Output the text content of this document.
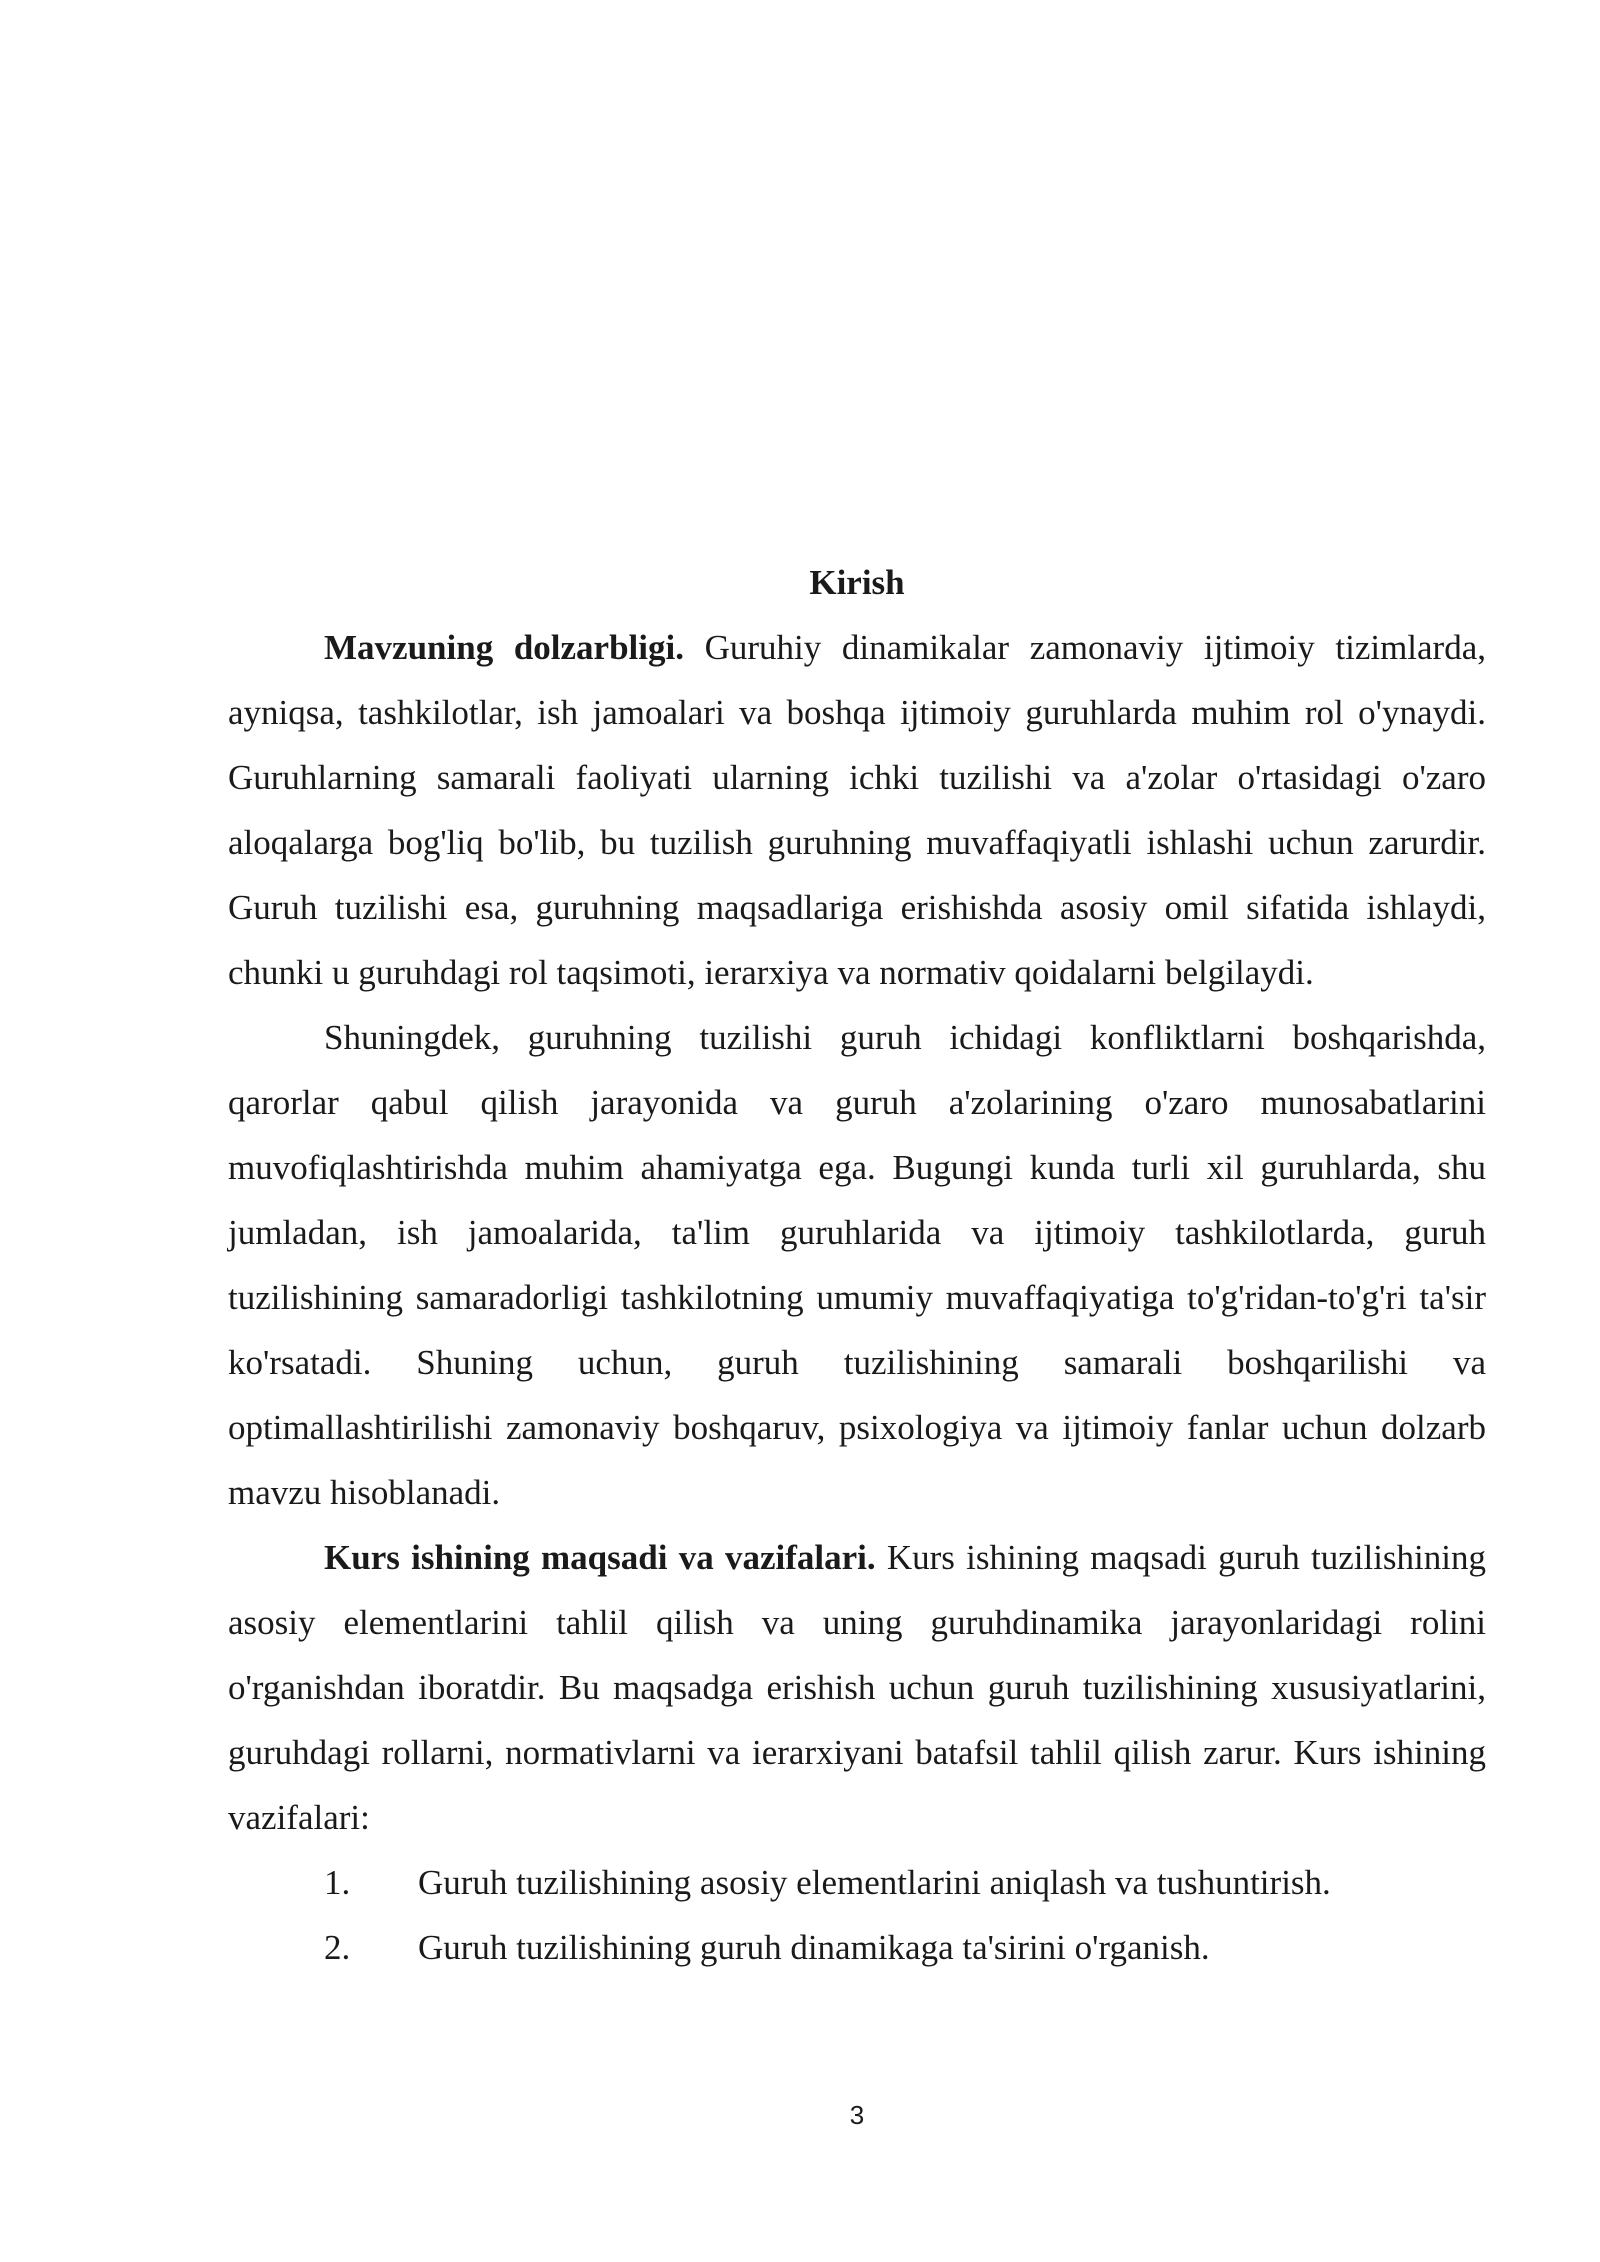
Kirish

Mavzuning dolzarbligi. Guruhiy dinamikalar zamonaviy ijtimoiy tizimlarda, ayniqsa, tashkilotlar, ish jamoalari va boshqa ijtimoiy guruhlarda muhim rol o'ynaydi. Guruhlarning samarali faoliyati ularning ichki tuzilishi va a'zolar o'rtasidagi o'zaro aloqalarga bog'liq bo'lib, bu tuzilish guruhning muvaffaqiyatli ishlashi uchun zarurdir. Guruh tuzilishi esa, guruhning maqsadlariga erishishda asosiy omil sifatida ishlaydi, chunki u guruhdagi rol taqsimoti, ierarxiya va normativ qoidalarni belgilaydi.

Shuningdek, guruhning tuzilishi guruh ichidagi konfliktlarni boshqarishda, qarorlar qabul qilish jarayonida va guruh a'zolarining o'zaro munosabatlarini muvofiqlashtirishda muhim ahamiyatga ega. Bugungi kunda turli xil guruhlarda, shu jumladan, ish jamoalarida, ta'lim guruhlarida va ijtimoiy tashkilotlarda, guruh tuzilishining samaradorligi tashkilotning umumiy muvaffaqiyatiga to'g'ridan-to'g'ri ta'sir ko'rsatadi. Shuning uchun, guruh tuzilishining samarali boshqarilishi va optimallashtirilishi zamonaviy boshqaruv, psixologiya va ijtimoiy fanlar uchun dolzarb mavzu hisoblanadi.

Kurs ishining maqsadi va vazifalari. Kurs ishining maqsadi guruh tuzilishining asosiy elementlarini tahlil qilish va uning guruhdinamika jarayonlaridagi rolini o'rganishdan iboratdir. Bu maqsadga erishish uchun guruh tuzilishining xususiyatlarini, guruhdagi rollarni, normativlarni va ierarxiyani batafsil tahlil qilish zarur. Kurs ishining vazifalari:

1.	Guruh tuzilishining asosiy elementlarini aniqlash va tushuntirish.
2.	Guruh tuzilishining guruh dinamikaga ta'sirini o'rganish.
3
